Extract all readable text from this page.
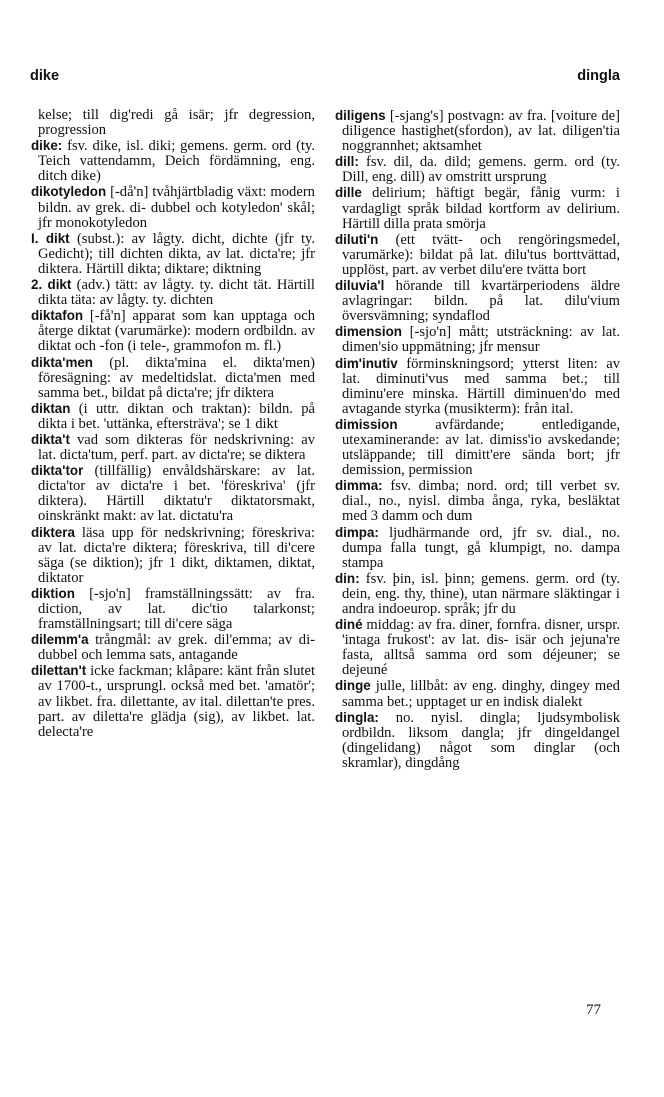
dike	dingla

kelse; till dig'redi gå isär; jfr degression, progression

dike: fsv. dike, isl. diki; gemens. germ. ord (ty. Teich vattendamm, Deich fördämning, eng. ditch dike)

dikotyledon [-då'n] tvåhjärtbladig växt: modern bildn. av grek. di- dubbel och kotyledon' skål; jfr monokotyledon

I. dikt (subst.): av lågty. dicht, dichte (jfr ty. Gedicht); till dichten dikta, av lat. dicta're; jfr diktera. Härtill dikta; diktare; diktning

2. dikt (adv.) tätt: av lågty. ty. dicht tät. Härtill dikta täta: av lågty. ty. dichten

diktafon [-få'n] apparat som kan upptaga och återge diktat (varumärke): modern ordbildn. av diktat och -fon (i tele-, grammofon m. fl.)

dikta'men (pl. dikta'mina el. dikta'men) föresägning: av medeltidslat. dicta'men med samma bet., bildat på dicta're; jfr diktera

diktan (i uttr. diktan och traktan): bildn. på dikta i bet. 'uttänka, eftersträva'; se 1 dikt

dikta't vad som dikteras för nedskrivning: av lat. dicta'tum, perf. part. av dicta're; se diktera

dikta'tor (tillfällig) envåldshärskare: av lat. dicta'tor av dicta're i bet. 'föreskriva' (jfr diktera). Härtill diktatu'r diktatorsmakt, oinskränkt makt: av lat. dictatu'ra

diktera läsa upp för nedskrivning; föreskriva: av lat. dicta're diktera; föreskriva, till di'cere säga (se diktion); jfr 1 dikt, diktamen, diktat, diktator

diktion [-sjo'n] framställningssätt: av fra. diction, av lat. dic'tio talarkonst; framställningsart; till di'cere säga

dilemm'a trångmål: av grek. dil'emma; av di- dubbel och lemma sats, antagande

dilettan't icke fackman; klåpare: känt från slutet av 1700-t., ursprungl. också med bet. 'amatör'; av likbet. fra. dilettante, av ital. dilettan'te pres. part. av diletta're glädja (sig), av likbet. lat. delecta're

diligens [-sjang's] postvagn: av fra. [voiture de] diligence hastighet(sfordon), av lat. diligen'tia noggrannhet; aktsamhet

dill: fsv. dil, da. dild; gemens. germ. ord (ty. Dill, eng. dill) av omstritt ursprung

dille delirium; häftigt begär, fånig vurm: i vardagligt språk bildad kortform av delirium. Härtill dilla prata smörja

diluti'n (ett tvätt- och rengöringsmedel, varumärke): bildat på lat. dilu'tus borttvättad, upplöst, part. av verbet dilu'ere tvätta bort

diluvia'l hörande till kvartärperiodens äldre avlagringar: bildn. på lat. dilu'vium översvämning; syndaflod

dimension [-sjo'n] mått; utsträckning: av lat. dimen'sio uppmätning; jfr mensur

dim'inutiv förminskningsord; ytterst liten: av lat. diminuti'vus med samma bet.; till diminu'ere minska. Härtill diminuen'do med avtagande styrka (musikterm): från ital.

dimission	avfärdande; entledigande, utexaminerande: av lat. dimiss'io avskedande; utsläppande; till dimitt'ere sända bort; jfr demission, permission

dimma: fsv. dimba; nord. ord; till verbet sv. dial., no., nyisl. dimba ånga, ryka, besläktat med 3 damm och dum

dimpa: ljudhärmande ord, jfr sv. dial., no. dumpa falla tungt, gå klumpigt, no. dampa stampa

din: fsv. þin, isl. þinn; gemens. germ. ord (ty. dein, eng. thy, thine), utan närmare släktingar i andra indoeurop. språk; jfr du

diné middag: av fra. diner, fornfra. disner, urspr. 'intaga frukost': av lat. dis- isär och jejuna're fasta, alltså samma ord som déjeuner; se dejeuné

dinge julle, lillbåt: av eng. dinghy, dingey med samma bet.; upptaget ur en indisk dialekt

dingla: no. nyisl. dingla; ljudsymbolisk ordbildn. liksom dangla; jfr dingeldangel (dingelidang) något som dinglar (och skramlar), dingdång

77
